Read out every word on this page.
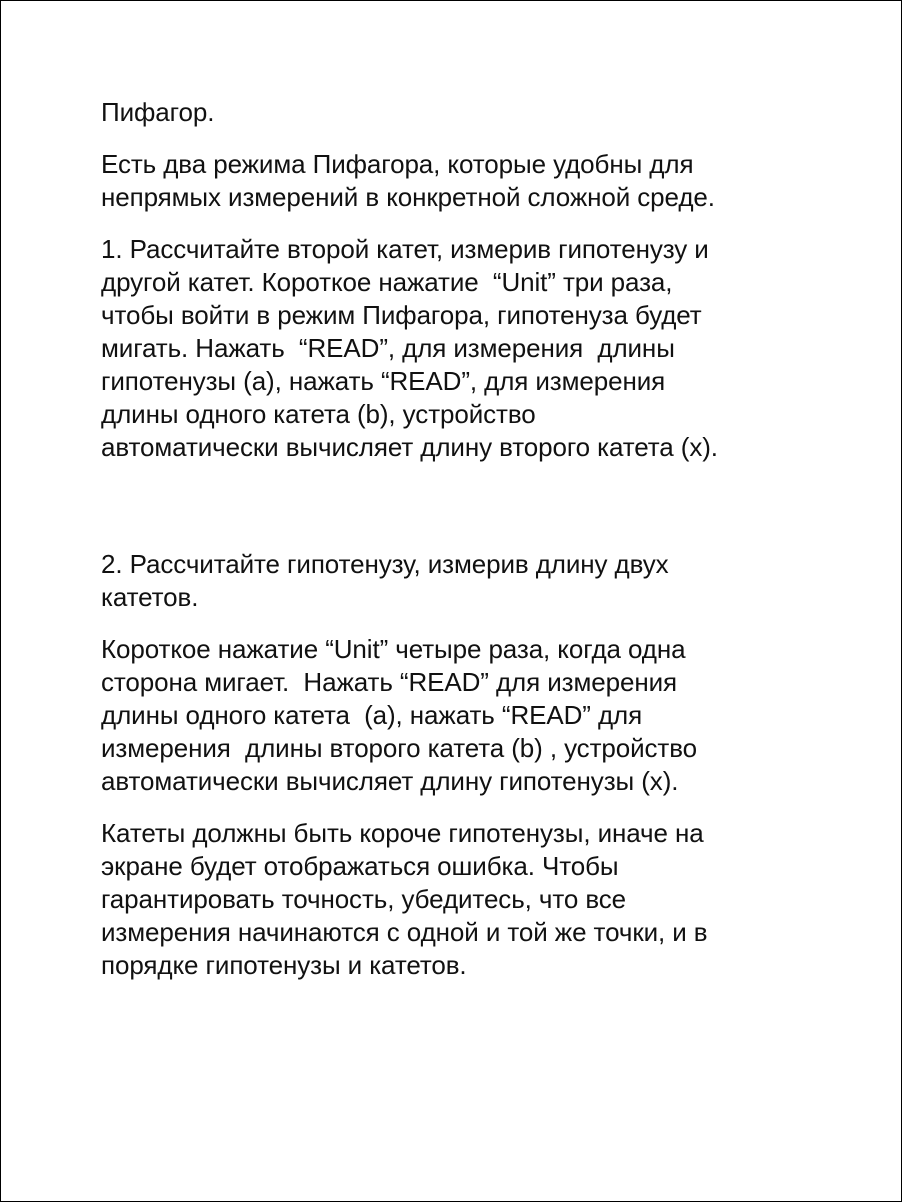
Пифагор.

Есть два режима Пифагора, которые удобны для
непрямых измерений в конкретной сложной среде.

1. Рассчитайте второй катет, измерив гипотенузу и
другой катет. Короткое нажатие  “Unit” три раза,
чтобы войти в режим Пифагора, гипотенуза будет
мигать. Нажать  “READ”, для измерения  длины
гипотенузы (a), нажать “READ”, для измерения
длины одного катета (b), устройство
автоматически вычисляет длину второго катета (x).

2. Рассчитайте гипотенузу, измерив длину двух
катетов.

Короткое нажатие “Unit” четыре раза, когда одна
сторона мигает.  Нажать “READ” для измерения
длины одного катета  (a), нажать “READ” для
измерения  длины второго катета (b) , устройство
автоматически вычисляет длину гипотенузы (x).

Катеты должны быть короче гипотенузы, иначе на
экране будет отображаться ошибка. Чтобы
гарантировать точность, убедитесь, что все
измерения начинаются с одной и той же точки, и в
порядке гипотенузы и катетов.
